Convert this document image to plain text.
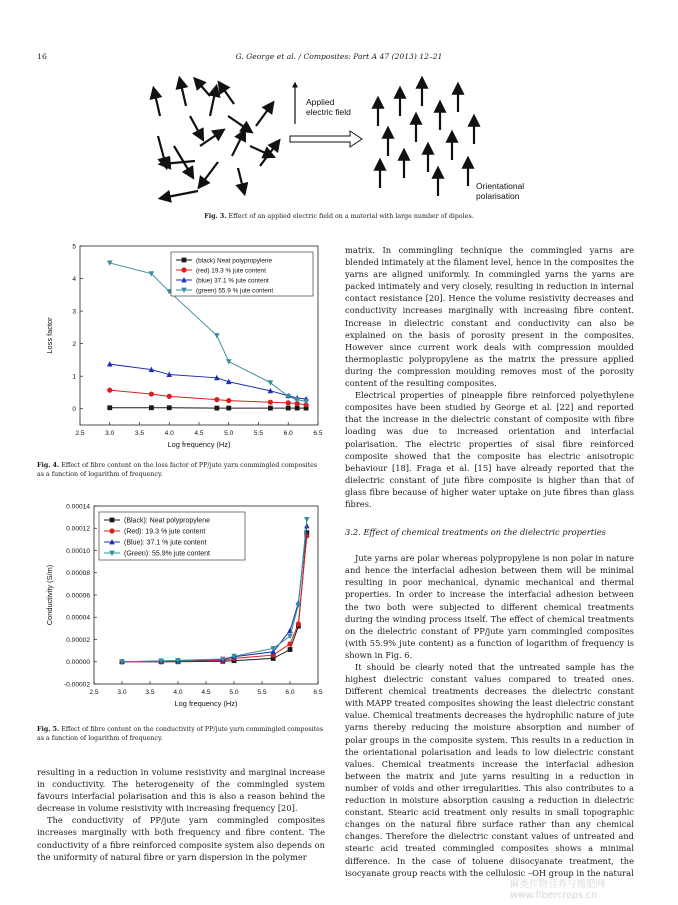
16	G. George et al. / Composites: Part A 47 (2013) 12–21
Applied
electric field
Orientational
polarisation
Fig. 3. Effect of an applied electric field on a material with large number of dipoles.
2.5	3.0	3.5	4.0	4.5	5.0	5.5	6.0	6.5
0
1
2
3
4
5
Log frequency (Hz)
Loss factor
(black) Neat polypropylene
(red) 19.3 % jute content
(blue) 37.1 % jute content
(green) 55.9 % jute content
Fig. 4. Effect of fibre content on the loss factor of PP/jute yarn commingled composites as a function of logarithm of frequency.
2.5	3.0	3.5	4.0	4.5	5.0	5.5	6.0	6.5
-0.00002
0.00000
0.00002
0.00004
0.00006
0.00008
0.00010
0.00012
0.00014
Log frequency (Hz)
Conductivity (S/m)
(Black): Neat polypropylene
(Red): 19.3 % jute content
(Blue): 37.1 % jute content
(Green): 55.9% jute content
Fig. 5. Effect of fibre content on the conductivity of PP/jute yarn commingled composites as a function of logarithm of frequency.

resulting in a reduction in volume resistivity and marginal increase in conductivity. The heterogeneity of the commingled system favours interfacial polarisation and this is also a reason behind the decrease in volume resistivity with increasing frequency [20].

The conductivity of PP/jute yarn commingled composites increases marginally with both frequency and fibre content. The conductivity of a fibre reinforced composite system also depends on the uniformity of natural fibre or yarn dispersion in the polymer

matrix. In commingling technique the commingled yarns are blended intimately at the filament level, hence in the composites the yarns are aligned uniformly. In commingled yarns the yarns are packed intimately and very closely, resulting in reduction in internal contact resistance [20]. Hence the volume resistivity decreases and conductivity increases marginally with increasing fibre content. Increase in dielectric constant and conductivity can also be explained on the basis of porosity present in the composites. However since current work deals with compression moulded thermoplastic polypropylene as the matrix the pressure applied during the compression moulding removes most of the porosity content of the resulting composites.

Electrical properties of pineapple fibre reinforced polyethylene composites have been studied by George et al. [22] and reported that the increase in the dielectric constant of composite with fibre loading was due to increased orientation and interfacial polarisation. The electric properties of sisal fibre reinforced composite showed that the composite has electric anisotropic behaviour [18]. Fraga et al. [15] have already reported that the dielectric constant of jute fibre composite is higher than that of glass fibre because of higher water uptake on jute fibres than glass fibres.

3.2. Effect of chemical treatments on the dielectric properties

Jute yarns are polar whereas polypropylene is non polar in nature and hence the interfacial adhesion between them will be minimal resulting in poor mechanical, dynamic mechanical and thermal properties. In order to increase the interfacial adhesion between the two both were subjected to different chemical treatments during the winding process itself. The effect of chemical treatments on the dielectric constant of PP/jute yarn commingled composites (with 55.9% jute content) as a function of logarithm of frequency is shown in Fig. 6.

It should be clearly noted that the untreated sample has the highest dielectric constant values compared to treated ones. Different chemical treatments decreases the dielectric constant with MAPP treated composites showing the least dielectric constant value. Chemical treatments decreases the hydrophilic nature of jute yarns thereby reducing the moisture absorption and number of polar groups in the composite system. This results in a reduction in the orientational polarisation and leads to low dielectric constant values. Chemical treatments increase the interfacial adhesion between the matrix and jute yarns resulting in a reduction in number of voids and other irregularities. This also contributes to a reduction in moisture absorption causing a reduction in dielectric constant. Stearic acid treatment only results in small topographic changes on the natural fibre surface rather than any chemical changes. Therefore the dielectric constant values of untreated and stearic acid treated commingled composites shows a minimal difference. In the case of toluene diisocyanate treatment, the isocyanate group reacts with the cellulosic –OH group in the natural

麻类作物营养与施肥网 www.fibercrops.cn
